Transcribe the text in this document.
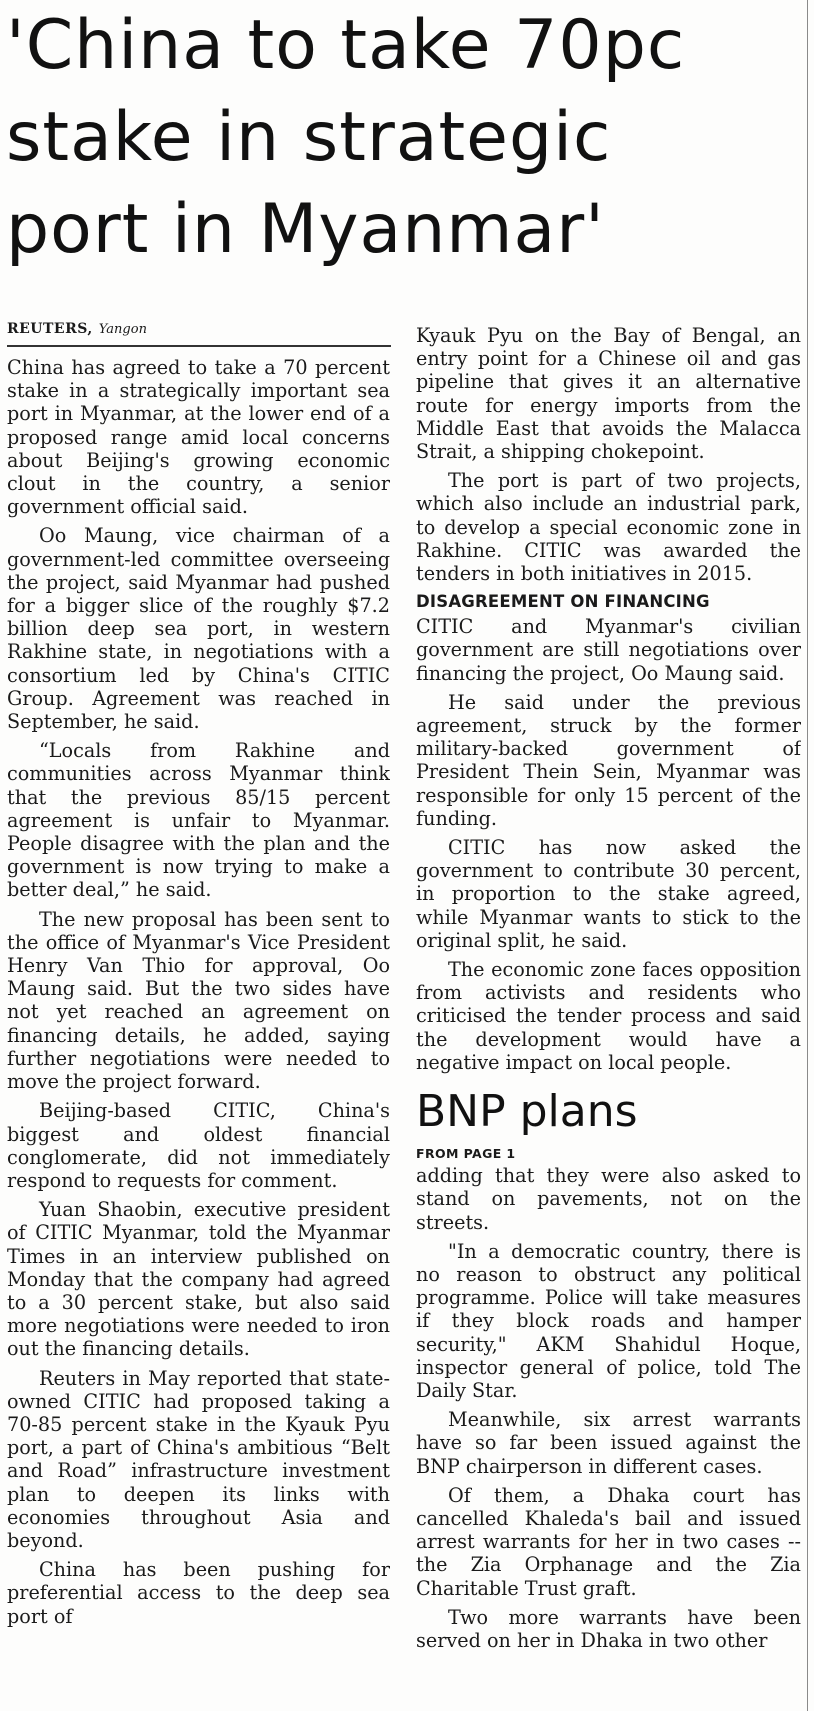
'China to take 70pc
stake in strategic
port in Myanmar'
REUTERS, Yangon

China has agreed to take a 70 percent stake in a strategically important sea port in Myanmar, at the lower end of a proposed range amid local concerns about Beijing's growing economic clout in the country, a senior government official said.

Oo Maung, vice chairman of a government-led committee overseeing the project, said Myanmar had pushed for a bigger slice of the roughly $7.2 billion deep sea port, in western Rakhine state, in negotiations with a consortium led by China's CITIC Group. Agreement was reached in September, he said.

“Locals from Rakhine and communities across Myanmar think that the previous 85/15 percent agreement is unfair to Myanmar. People disagree with the plan and the government is now trying to make a better deal,” he said.

The new proposal has been sent to the office of Myanmar's Vice President Henry Van Thio for approval, Oo Maung said. But the two sides have not yet reached an agreement on financing details, he added, saying further negotiations were needed to move the project forward.

Beijing-based CITIC, China's biggest and oldest financial conglomerate, did not immediately respond to requests for comment.

Yuan Shaobin, executive president of CITIC Myanmar, told the Myanmar Times in an interview published on Monday that the company had agreed to a 30 percent stake, but also said more negotiations were needed to iron out the financing details.

Reuters in May reported that state-owned CITIC had proposed taking a 70-85 percent stake in the Kyauk Pyu port, a part of China's ambitious “Belt and Road” infrastructure investment plan to deepen its links with economies throughout Asia and beyond.

China has been pushing for preferential access to the deep sea port of

Kyauk Pyu on the Bay of Bengal, an entry point for a Chinese oil and gas pipeline that gives it an alternative route for energy imports from the Middle East that avoids the Malacca Strait, a shipping chokepoint.

The port is part of two projects, which also include an industrial park, to develop a special economic zone in Rakhine. CITIC was awarded the tenders in both initiatives in 2015.

DISAGREEMENT ON FINANCING

CITIC and Myanmar's civilian government are still negotiations over financing the project, Oo Maung said.

He said under the previous agreement, struck by the former military-backed government of President Thein Sein, Myanmar was responsible for only 15 percent of the funding.

CITIC has now asked the government to contribute 30 percent, in proportion to the stake agreed, while Myanmar wants to stick to the original split, he said.

The economic zone faces opposition from activists and residents who criticised the tender process and said the development would have a negative impact on local people.

BNP plans
FROM PAGE 1

adding that they were also asked to stand on pavements, not on the streets.

"In a democratic country, there is no reason to obstruct any political programme. Police will take measures if they block roads and hamper security," AKM Shahidul Hoque, inspector general of police, told The Daily Star.

Meanwhile, six arrest warrants have so far been issued against the BNP chairperson in different cases.

Of them, a Dhaka court has cancelled Khaleda's bail and issued arrest warrants for her in two cases -- the Zia Orphanage and the Zia Charitable Trust graft.

Two more warrants have been served on her in Dhaka in two other
